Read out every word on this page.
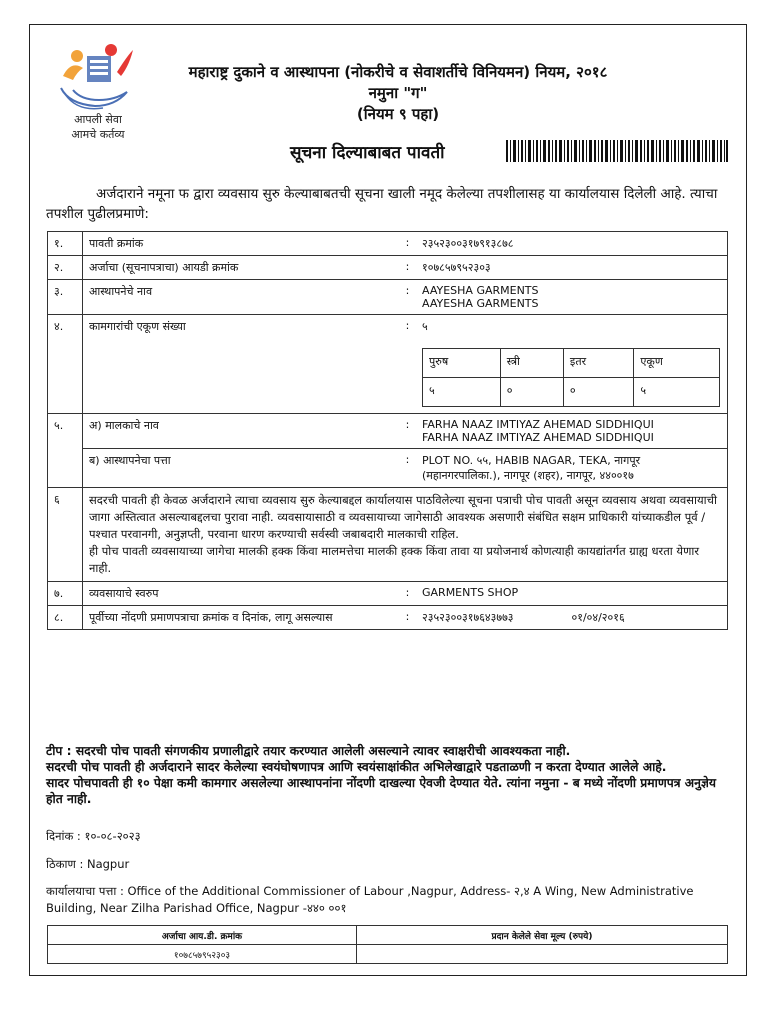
आपली सेवा
आमचे कर्तव्य
महाराष्ट्र दुकाने व आस्थापना (नोकरीचे व सेवाशर्तीचे विनियमन) नियम, २०१८
नमुना "ग"
(नियम ९ पहा)
सूचना दिल्याबाबत पावती
अर्जदाराने नमूना फ द्वारा व्यवसाय सुरु केल्याबाबतची सूचना खाली नमूद केलेल्या तपशीलासह या कार्यालयास दिलेली आहे. त्याचा तपशील पुढीलप्रमाणे:
१.	पावती क्रमांक	:	२३५२३००३१७९१३८७८
२.	अर्जाचा (सूचनापत्राचा) आयडी क्रमांक	:	१०७८५७९५२३०३
३.	आस्थापनेचे नाव	:	AAYESHA GARMENTS
AAYESHA GARMENTS

४.	कामगारांची एकूण संख्या	:	५
पुरुष	स्त्री	इतर	एकूण
५	०	०	५

५.	अ) मालकाचे नाव	:	FARHA NAAZ IMTIYAZ AHEMAD SIDDHIQUI
FARHA NAAZ IMTIYAZ AHEMAD SIDDHIQUI

ब) आस्थापनेचा पत्ता	:	PLOT NO. ५५, HABIB NAGAR, TEKA, नागपूर
(महानगरपालिका.), नागपूर (शहर), नागपूर, ४४००१७

६	सदरची पावती ही केवळ अर्जदाराने त्याचा व्यवसाय सुरु केल्याबद्दल कार्यालयास पाठविलेल्या सूचना पत्राची पोच पावती असून व्यवसाय अथवा व्यवसायाची जागा अस्तित्वात असल्याबद्दलचा पुरावा नाही. व्यवसायासाठी व व्यवसायाच्या जागेसाठी आवश्यक असणारी संबंधित सक्षम प्राधिकारी यांच्याकडील पूर्व / पश्चात परवानगी, अनुज्ञप्ती, परवाना धारण करण्याची सर्वस्वी जबाबदारी मालकाची राहिल.
ही पोच पावती व्यवसायाच्या जागेचा मालकी हक्क किंवा मालमत्तेचा मालकी हक्क किंवा तावा या प्रयोजनार्थ कोणत्याही कायद्यांतर्गत ग्राह्य धरता येणार नाही.

७.	व्यवसायाचे स्वरुप	:	GARMENTS SHOP
८.	पूर्वीच्या नोंदणी प्रमाणपत्राचा क्रमांक व दिनांक, लागू असल्यास	:	२३५२३००३१७६४३७७३	०१/०४/२०१६
टीप : सदरची पोच पावती संगणकीय प्रणालीद्वारे तयार करण्यात आलेली असल्याने त्यावर स्वाक्षरीची आवश्यकता नाही.
सदरची पोच पावती ही अर्जदाराने सादर केलेल्या स्वयंघोषणापत्र आणि स्वयंसाक्षांकीत अभिलेखाद्वारे पडताळणी न करता देण्यात आलेले आहे.
सादर पोचपावती ही १० पेक्षा कमी कामगार असलेल्या आस्थापनांना नोंदणी दाखल्या ऐवजी देण्यात येते. त्यांना नमुना - ब मध्ये नोंदणी प्रमाणपत्र अनुज्ञेय होत नाही.
दिनांक : १०-०८-२०२३
ठिकाण : Nagpur
कार्यालयाचा पत्ता : Office of the Additional Commissioner of Labour ,Nagpur, Address- २,४ A Wing, New Administrative
Building, Near Zilha Parishad Office, Nagpur -४४० ००१
अर्जाचा आय.डी. क्रमांक	प्रदान केलेले सेवा मूल्य (रुपये)
१०७८५७९५२३०३	
